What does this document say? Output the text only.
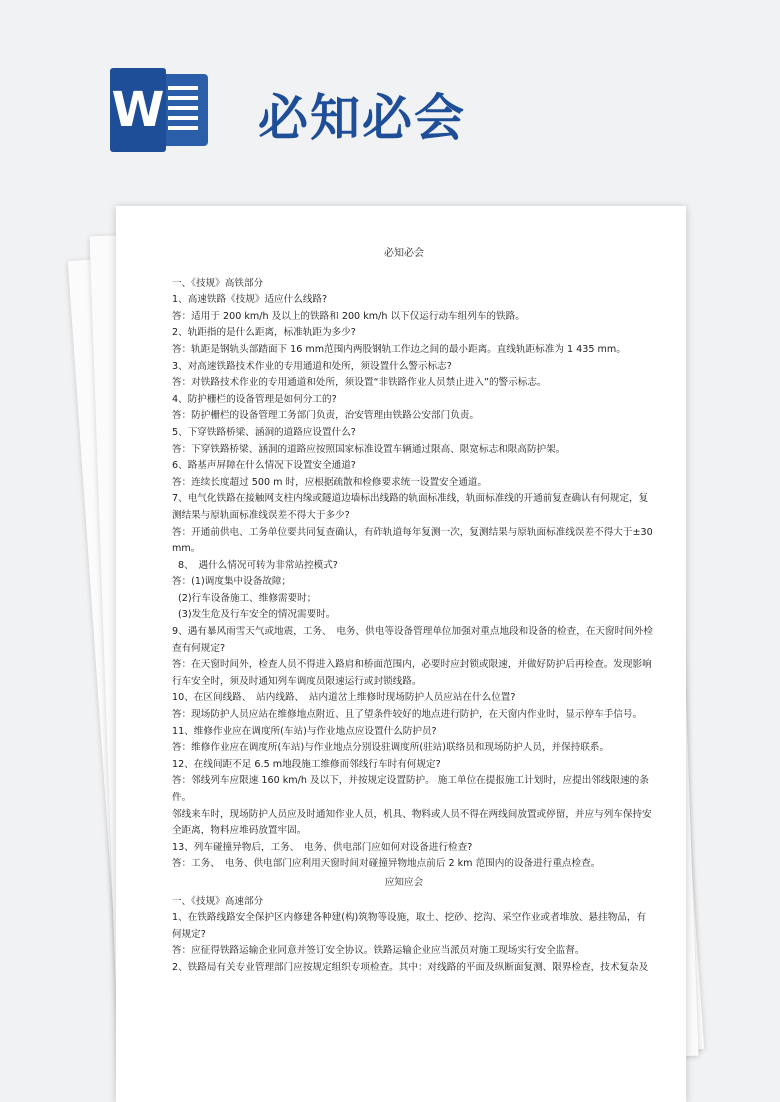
W 必知必会
必知必会
一、《技规》高铁部分
1、高速铁路《技规》适应什么线路?
答：适用于 200 km/h 及以上的铁路和 200 km/h 以下仅运行动车组列车的铁路。
2、轨距指的是什么距离，标准轨距为多少?
答：轨距是钢轨头部踏面下 16 mm范围内两股钢轨工作边之间的最小距离。直线轨距标准为 1 435 mm。
3、对高速铁路技术作业的专用通道和处所，须设置什么警示标志?
答：对铁路技术作业的专用通道和处所，须设置“非铁路作业人员禁止进入”的警示标志。
4、防护栅栏的设备管理是如何分工的?
答：防护栅栏的设备管理工务部门负责，治安管理由铁路公安部门负责。
5、下穿铁路桥梁、涵洞的道路应设置什么?
答：下穿铁路桥梁、涵洞的道路应按照国家标准设置车辆通过限高、限宽标志和限高防护架。
6、路基声屏障在什么情况下设置安全通道?
答：连续长度超过 500 m 时，应根据疏散和检修要求统一设置安全通道。
7、电气化铁路在接触网支柱内缘或隧道边墙标出线路的轨面标准线，轨面标准线的开通前复查确认有何规定，复测结果与原轨面标准线误差不得大于多少?
答：开通前供电、工务单位要共同复查确认，有砟轨道每年复测一次，复测结果与原轨面标准线误差不得大于±30 mm。
8、　遇什么情况可转为非常站控模式?
答：(1)调度集中设备故障；
(2)行车设备施工、维修需要时；
(3)发生危及行车安全的情况需要时。
9、遇有暴风雨雪天气或地震，工务、　电务、供电等设备管理单位加强对重点地段和设备的检查，在天窗时间外检查有何规定?
答：在天窗时间外，检查人员不得进入路肩和桥面范围内，必要时应封锁或限速，并做好防护后再检查。发现影响行车安全时，须及时通知列车调度员限速运行或封锁线路。
10、在区间线路、　站内线路、　站内道岔上维修时现场防护人员应站在什么位置?
答：现场防护人员应站在维修地点附近、且了望条件较好的地点进行防护，在天窗内作业时，显示停车手信号。
11、维修作业应在调度所(车站)与作业地点应设置什么防护员?
答：维修作业应在调度所(车站)与作业地点分别设驻调度所(驻站)联络员和现场防护人员，并保持联系。
12、在线间距不足 6.5 m地段施工维修而邻线行车时有何规定?
答：邻线列车应限速 160 km/h 及以下，并按规定设置防护。 施工单位在提报施工计划时，应提出邻线限速的条件。
邻线来车时，现场防护人员应及时通知作业人员，机具、物料或人员不得在两线间放置或停留，并应与列车保持安全距离，物料应堆码放置牢固。
13、列车碰撞异物后，工务、　电务、供电部门应如何对设备进行检查?
答：工务、　电务、供电部门应利用天窗时间对碰撞异物地点前后 2 km 范围内的设备进行重点检查。
应知应会
一、《技规》高速部分
1、在铁路线路安全保护区内修建各种建(构)筑物等设施，取土、挖砂、挖沟、采空作业或者堆放、悬挂物品，有何规定?
答：应征得铁路运输企业同意并签订安全协议。铁路运输企业应当派员对施工现场实行安全监督。
2、铁路局有关专业管理部门应按规定组织专项检查。其中：对线路的平面及纵断面复测、限界检查，技术复杂及
